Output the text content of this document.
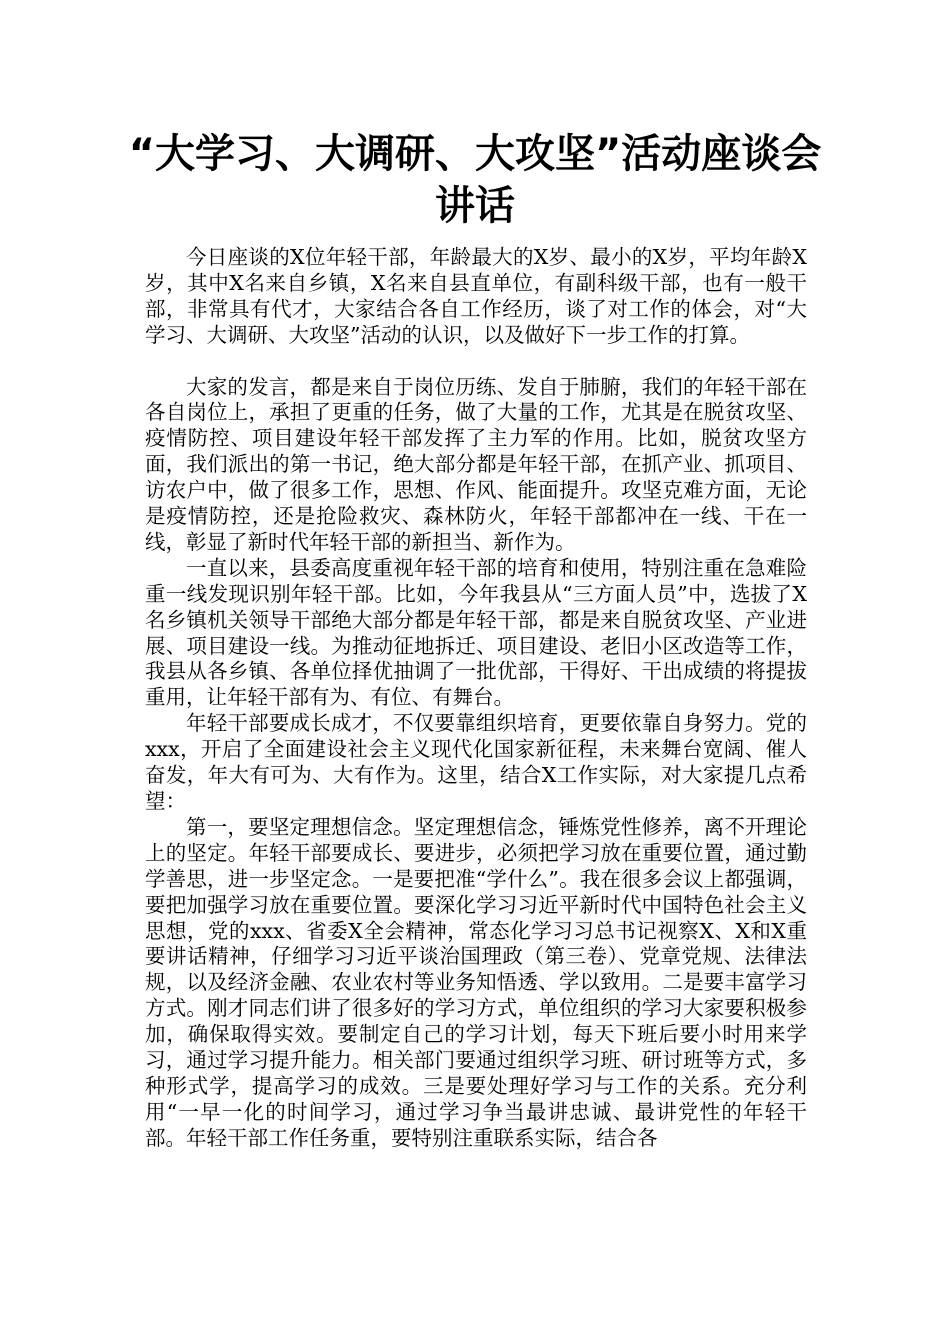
“大学习、大调研、大攻坚”活动座谈会讲话

今日座谈的X位年轻干部，年龄最大的X岁、最小的X岁，平均年龄X岁，其中X名来自乡镇，X名来自县直单位，有副科级干部，也有一般干部，非常具有代才，大家结合各自工作经历，谈了对工作的体会，对“大学习、大调研、大攻坚”活动的认识，以及做好下一步工作的打算。

大家的发言，都是来自于岗位历练、发自于肺腑，我们的年轻干部在各自岗位上，承担了更重的任务，做了大量的工作，尤其是在脱贫攻坚、疫情防控、项目建设年轻干部发挥了主力军的作用。比如，脱贫攻坚方面，我们派出的第一书记，绝大部分都是年轻干部，在抓产业、抓项目、访农户中，做了很多工作，思想、作风、能面提升。攻坚克难方面，无论是疫情防控，还是抢险救灾、森林防火，年轻干部都冲在一线、干在一线，彰显了新时代年轻干部的新担当、新作为。

一直以来，县委高度重视年轻干部的培育和使用，特别注重在急难险重一线发现识别年轻干部。比如，今年我县从“三方面人员”中，选拔了X名乡镇机关领导干部绝大部分都是年轻干部，都是来自脱贫攻坚、产业进展、项目建设一线。为推动征地拆迁、项目建设、老旧小区改造等工作，我县从各乡镇、各单位择优抽调了一批优部，干得好、干出成绩的将提拔重用，让年轻干部有为、有位、有舞台。

年轻干部要成长成才，不仅要靠组织培育，更要依靠自身努力。党的xxx，开启了全面建设社会主义现代化国家新征程，未来舞台宽阔、催人奋发，年大有可为、大有作为。这里，结合X工作实际，对大家提几点希望：

第一，要坚定理想信念。坚定理想信念，锤炼党性修养，离不开理论上的坚定。年轻干部要成长、要进步，必须把学习放在重要位置，通过勤学善思，进一步坚定念。一是要把准“学什么”。我在很多会议上都强调，要把加强学习放在重要位置。要深化学习习近平新时代中国特色社会主义思想，党的xxx、省委X全会精神，常态化学习习总书记视察X、X和X重要讲话精神，仔细学习习近平谈治国理政（第三卷）、党章党规、法律法规，以及经济金融、农业农村等业务知悟透、学以致用。二是要丰富学习方式。刚才同志们讲了很多好的学习方式，单位组织的学习大家要积极参加，确保取得实效。要制定自己的学习计划，每天下班后要小时用来学习，通过学习提升能力。相关部门要通过组织学习班、研讨班等方式，多种形式学，提高学习的成效。三是要处理好学习与工作的关系。充分利用“一早一化的时间学习，通过学习争当最讲忠诚、最讲党性的年轻干部。年轻干部工作任务重，要特别注重联系实际，结合各
